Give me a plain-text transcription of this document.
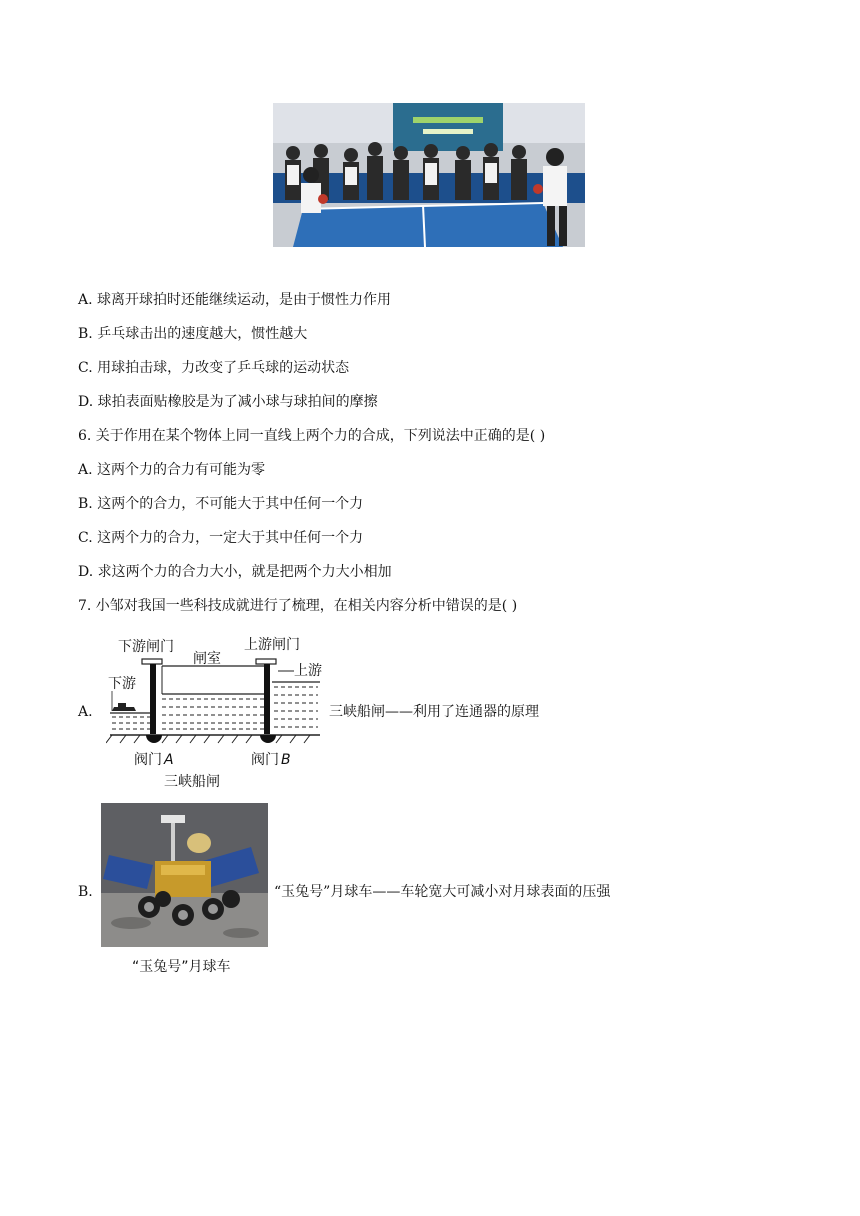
A. 球离开球拍时还能继续运动，是由于惯性力作用
B. 乒乓球击出的速度越大，惯性越大
C. 用球拍击球，力改变了乒乓球的运动状态
D. 球拍表面贴橡胶是为了减小球与球拍间的摩擦
6. 关于作用在某个物体上同一直线上两个力的合成，下列说法中正确的是( )
A. 这两个力的合力有可能为零
B. 这两个的合力，不可能大于其中任何一个力
C. 这两个力的合力，一定大于其中任何一个力
D. 求这两个力的合力大小，就是把两个力大小相加
7. 小邹对我国一些科技成就进行了梳理，在相关内容分析中错误的是( )
A.
下游闸门
闸室
上游闸门
上游
下游
阀门 A	阀门 B
三峡船闸
三峡船闸——利用了连通器的原理
B.
“玉兔号”月球车
“玉兔号”月球车——车轮宽大可减小对月球表面的压强
